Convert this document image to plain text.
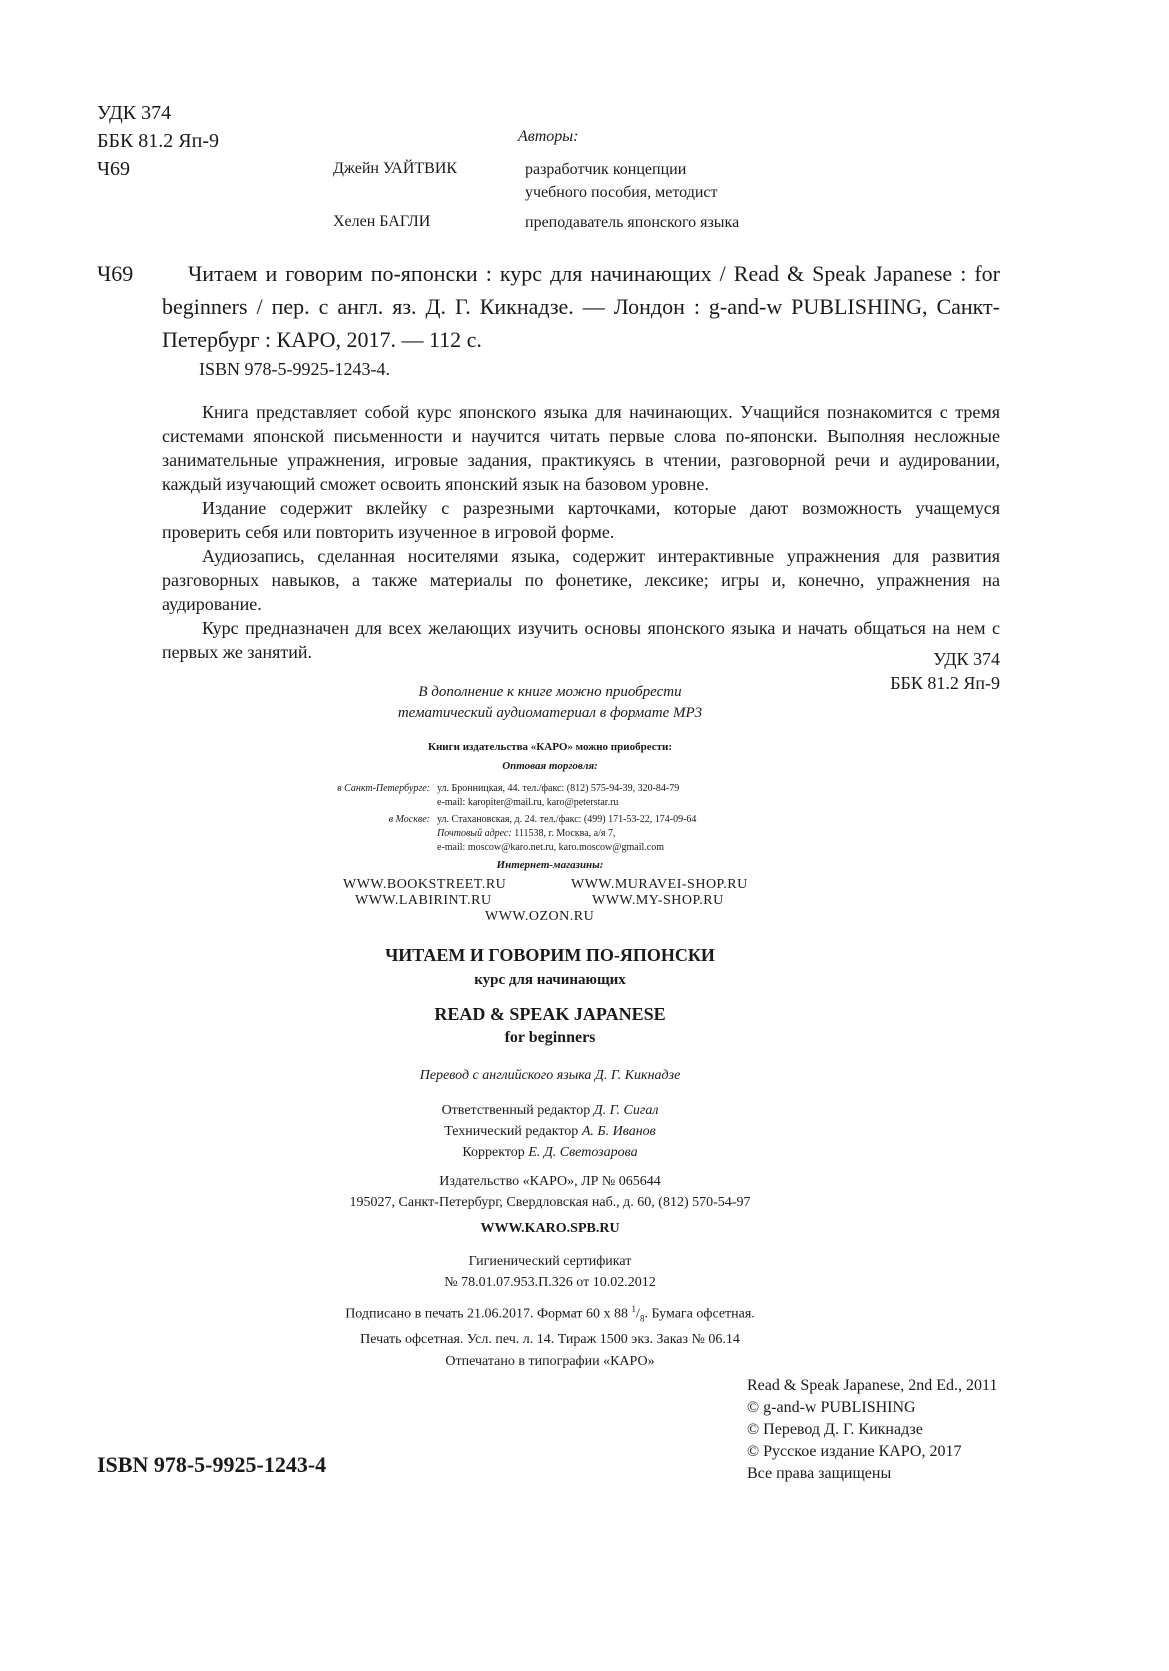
УДК 374
ББК 81.2 Яп-9
Ч69
Авторы:
Джейн УАЙТВИК	разработчик концепции
учебного пособия, методист
Хелен БАГЛИ	преподаватель японского языка
Ч69	Читаем и говорим по-японски : курс для начинающих / Read & Speak Japanese : for beginners / пер. с англ. яз. Д. Г. Кикнадзе. — Лондон : g-and-w PUBLISHING, Санкт-Петербург : КАРО, 2017. — 112 с.
ISBN 978-5-9925-1243-4.

Книга представляет собой курс японского языка для начинающих. Учащийся познакомится с тремя системами японской письменности и научится читать первые слова по-японски. Выполняя несложные занимательные упражнения, игровые задания, практикуясь в чтении, разговорной речи и аудировании, каждый изучающий сможет освоить японский язык на базовом уровне.

Издание содержит вклейку с разрезными карточками, которые дают возможность учащемуся проверить себя или повторить изученное в игровой форме.

Аудиозапись, сделанная носителями языка, содержит интерактивные упражнения для развития разговорных навыков, а также материалы по фонетике, лексике; игры и, конечно, упражнения на аудирование.

Курс предназначен для всех желающих изучить основы японского языка и начать общаться на нем с первых же занятий.	УДК 374
ББК 81.2 Яп-9
В дополнение к книге можно приобрести
тематический аудиоматериал в формате MP3
Книги издательства «КАРО» можно приобрести:
Оптовая торговля:
в Санкт-Петербурге: ул. Бронницкая, 44. тел./факс: (812) 575-94-39, 320-84-79
e-mail: karopiter@mail.ru, karo@peterstar.ru
в Москве: ул. Стахановская, д. 24. тел./факс: (499) 171-53-22, 174-09-64
Почтовый адрес: 111538, г. Москва, а/я 7,
e-mail: moscow@karo.net.ru, karo.moscow@gmail.com
Интернет-магазины:
WWW.BOOKSTREET.RU	WWW.MURAVEI-SHOP.RU
WWW.LABIRINT.RU	WWW.MY-SHOP.RU
WWW.OZON.RU
ЧИТАЕМ И ГОВОРИМ ПО-ЯПОНСКИ
курс для начинающих
READ & SPEAK JAPANESE
for beginners
Перевод с английского языка Д. Г. Кикнадзе
Ответственный редактор Д. Г. Сигал
Технический редактор А. Б. Иванов
Корректор Е. Д. Светозарова
Издательство «КАРО», ЛР № 065644
195027, Санкт-Петербург, Свердловская наб., д. 60, (812) 570-54-97
WWW.KARO.SPB.RU
Гигиенический сертификат
№ 78.01.07.953.П.326 от 10.02.2012
Подписано в печать 21.06.2017. Формат 60 x 88 $^1/_8$. Бумага офсетная.
Печать офсетная. Усл. печ. л. 14. Тираж 1500 экз. Заказ № 06.14
Отпечатано в типографии «КАРО»
Read & Speak Japanese, 2nd Ed., 2011
© g-and-w PUBLISHING
© Перевод Д. Г. Кикнадзе
© Русское издание КАРО, 2017
Все права защищены
ISBN 978-5-9925-1243-4
